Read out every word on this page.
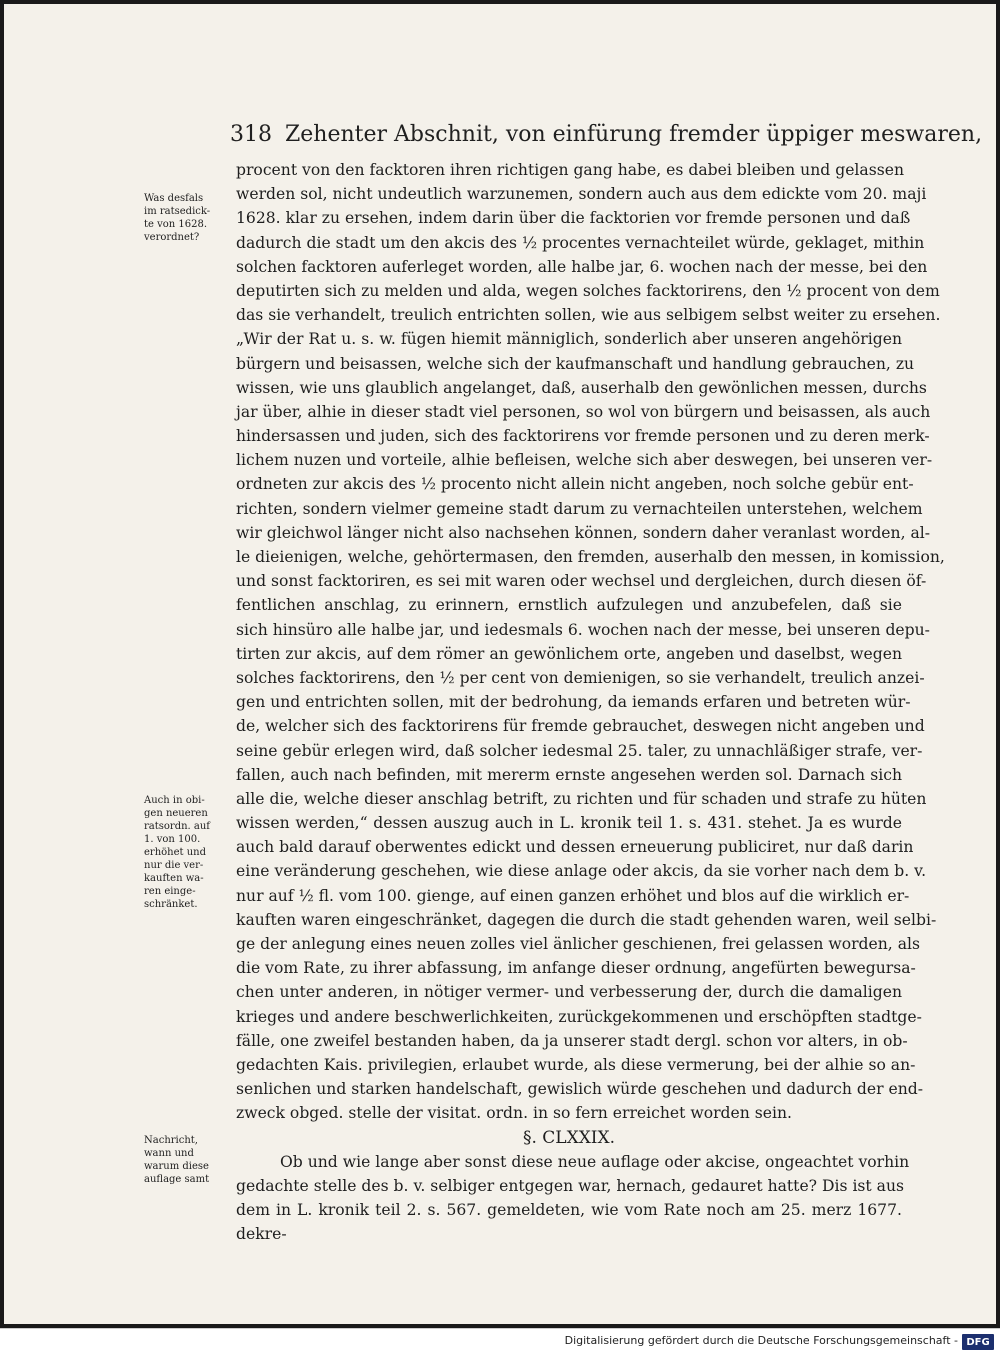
318 Zehenter Abschnit, von einfürung fremder üppiger meswaren,
Was desfals
im ratsedick-
te von 1628.
verordnet?
Auch in obi-
gen neueren
ratsordn. auf
1. von 100.
erhöhet und
nur die ver-
kauften wa-
ren einge-
schränket.
Nachricht,
wann und
warum diese
auflage samt
procent von den facktoren ihren richtigen gang habe, es dabei bleiben und gelassen
werden sol, nicht undeutlich warzunemen, sondern auch aus dem edickte vom 20. maji
1628. klar zu ersehen, indem darin über die facktorien vor fremde personen und daß
dadurch die stadt um den akcis des ½ procentes vernachteilet würde, geklaget, mithin
solchen facktoren auferleget worden, alle halbe jar, 6. wochen nach der messe, bei den
deputirten sich zu melden und alda, wegen solches facktorirens, den ½ procent von dem
das sie verhandelt, treulich entrichten sollen, wie aus selbigem selbst weiter zu ersehen.
„Wir der Rat u. s. w. fügen hiemit männiglich, sonderlich aber unseren angehörigen
bürgern und beisassen, welche sich der kaufmanschaft und handlung gebrauchen, zu
wissen, wie uns glaublich angelanget, daß, auserhalb den gewönlichen messen, durchs
jar über, alhie in dieser stadt viel personen, so wol von bürgern und beisassen, als auch
hindersassen und juden, sich des facktorirens vor fremde personen und zu deren merk-
lichem nuzen und vorteile, alhie befleisen, welche sich aber deswegen, bei unseren ver-
ordneten zur akcis des ½ procento nicht allein nicht angeben, noch solche gebür ent-
richten, sondern vielmer gemeine stadt darum zu vernachteilen unterstehen, welchem
wir gleichwol länger nicht also nachsehen können, sondern daher veranlast worden, al-
le dieienigen, welche, gehörtermasen, den fremden, auserhalb den messen, in komission,
und sonst facktoriren, es sei mit waren oder wechsel und dergleichen, durch diesen öf-
fentlichen anschlag, zu erinnern, ernstlich aufzulegen und anzubefelen, daß sie
sich hinsüro alle halbe jar, und iedesmals 6. wochen nach der messe, bei unseren depu-
tirten zur akcis, auf dem römer an gewönlichem orte, angeben und daselbst, wegen
solches facktorirens, den ½ per cent von demienigen, so sie verhandelt, treulich anzei-
gen und entrichten sollen, mit der bedrohung, da iemands erfaren und betreten wür-
de, welcher sich des facktorirens für fremde gebrauchet, deswegen nicht angeben und
seine gebür erlegen wird, daß solcher iedesmal 25. taler, zu unnachläßiger strafe, ver-
fallen, auch nach befinden, mit mererm ernste angesehen werden sol. Darnach sich
alle die, welche dieser anschlag betrift, zu richten und für schaden und strafe zu hüten
wissen werden,“ dessen auszug auch in L. kronik teil 1. s. 431. stehet. Ja es wurde
auch bald darauf oberwentes edickt und dessen erneuerung publiciret, nur daß darin
eine veränderung geschehen, wie diese anlage oder akcis, da sie vorher nach dem b. v.
nur auf ½ fl. vom 100. gienge, auf einen ganzen erhöhet und blos auf die wirklich er-
kauften waren eingeschränket, dagegen die durch die stadt gehenden waren, weil selbi-
ge der anlegung eines neuen zolles viel änlicher geschienen, frei gelassen worden, als
die vom Rate, zu ihrer abfassung, im anfange dieser ordnung, angefürten bewegursa-
chen unter anderen, in nötiger vermer- und verbesserung der, durch die damaligen
krieges und andere beschwerlichkeiten, zurückgekommenen und erschöpften stadtge-
fälle, one zweifel bestanden haben, da ja unserer stadt dergl. schon vor alters, in ob-
gedachten Kais. privilegien, erlaubet wurde, als diese vermerung, bei der alhie so an-
senlichen und starken handelschaft, gewislich würde geschehen und dadurch der end-
zweck obged. stelle der visitat. ordn. in so fern erreichet worden sein.
§. CLXXIX.
Ob und wie lange aber sonst diese neue auflage oder akcise, ongeachtet vorhin
gedachte stelle des b. v. selbiger entgegen war, hernach, gedauret hatte? Dis ist aus
dem in L. kronik teil 2. s. 567. gemeldeten, wie vom Rate noch am 25. merz 1677.
dekre-
Digitalisierung gefördert durch die Deutsche Forschungsgemeinschaft - DFG
